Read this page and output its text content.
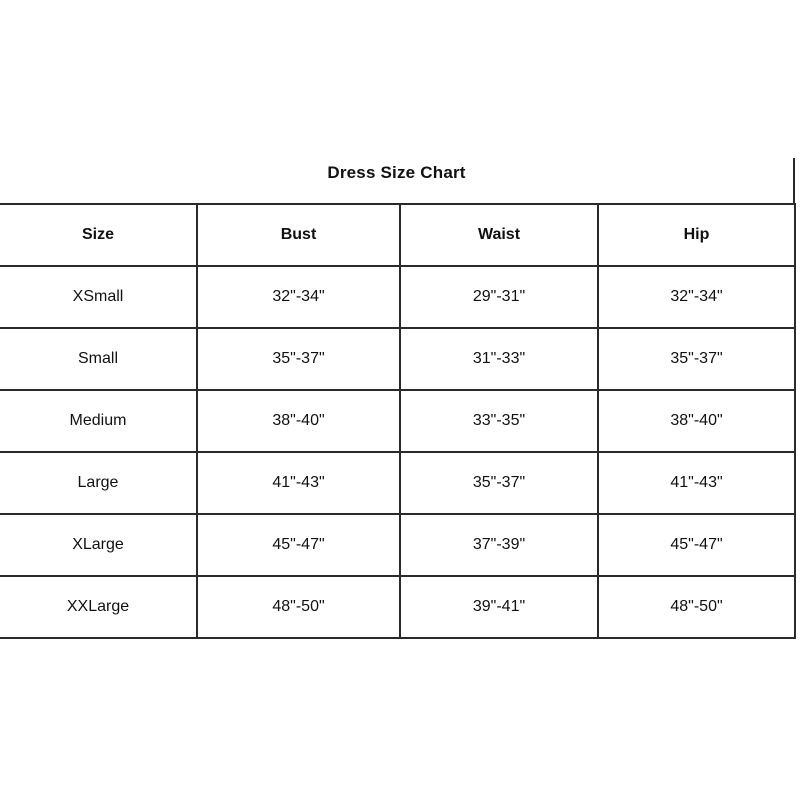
Dress Size Chart
Size	Bust	Waist	Hip
XSmall	32"-34"	29"-31"	32"-34"
Small	35"-37"	31"-33"	35"-37"
Medium	38"-40"	33"-35"	38"-40"
Large	41"-43"	35"-37"	41"-43"
XLarge	45"-47"	37"-39"	45"-47"
XXLarge	48"-50"	39"-41"	48"-50"
